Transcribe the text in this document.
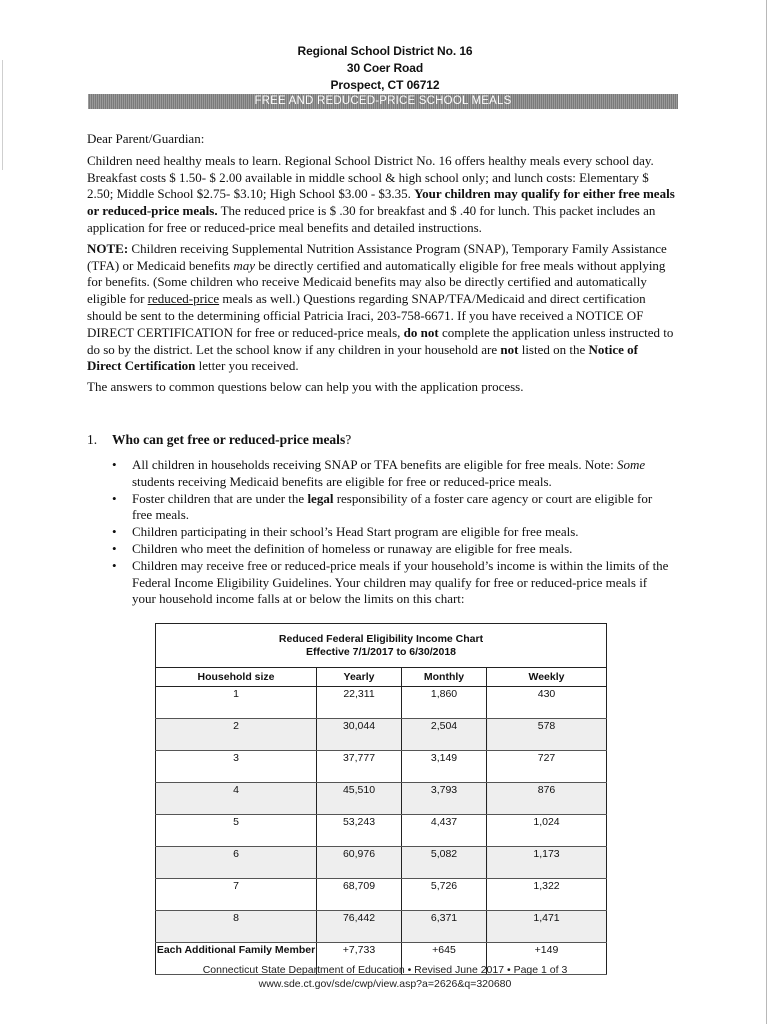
Regional School District No. 16
30 Coer Road
Prospect, CT 06712
FREE AND REDUCED-PRICE SCHOOL MEALS

Dear Parent/Guardian:

Children need healthy meals to learn. Regional School District No. 16 offers healthy meals every school day. Breakfast costs $ 1.50- $ 2.00 available in middle school & high school only; and lunch costs: Elementary $ 2.50; Middle School $2.75- $3.10; High School $3.00 - $3.35. Your children may qualify for either free meals or reduced-price meals. The reduced price is $ .30 for breakfast and $ .40 for lunch. This packet includes an application for free or reduced-price meal benefits and detailed instructions.

NOTE: Children receiving Supplemental Nutrition Assistance Program (SNAP), Temporary Family Assistance (TFA) or Medicaid benefits may be directly certified and automatically eligible for free meals without applying for benefits. (Some children who receive Medicaid benefits may also be directly certified and automatically eligible for reduced-price meals as well.) Questions regarding SNAP/TFA/Medicaid and direct certification should be sent to the determining official Patricia Iraci, 203-758-6671. If you have received a NOTICE OF DIRECT CERTIFICATION for free or reduced-price meals, do not complete the application unless instructed to do so by the district. Let the school know if any children in your household are not listed on the Notice of Direct Certification letter you received.

The answers to common questions below can help you with the application process.

1. Who can get free or reduced-price meals?
• All children in households receiving SNAP or TFA benefits are eligible for free meals. Note: Some students receiving Medicaid benefits are eligible for free or reduced-price meals.
• Foster children that are under the legal responsibility of a foster care agency or court are eligible for free meals.
• Children participating in their school’s Head Start program are eligible for free meals.
• Children who meet the definition of homeless or runaway are eligible for free meals.
• Children may receive free or reduced-price meals if your household’s income is within the limits of the Federal Income Eligibility Guidelines. Your children may qualify for free or reduced-price meals if your household income falls at or below the limits on this chart:
Reduced Federal Eligibility Income Chart
Effective 7/1/2017 to 6/30/2018			

Household size	Yearly	Monthly	Weekly
1	22,311	1,860	430
2	30,044	2,504	578
3	37,777	3,149	727
4	45,510	3,793	876
5	53,243	4,437	1,024
6	60,976	5,082	1,173
7	68,709	5,726	1,322
8	76,442	6,371	1,471
Each Additional Family Member	+7,733	+645	+149
Connecticut State Department of Education • Revised June 2017 • Page 1 of 3
www.sde.ct.gov/sde/cwp/view.asp?a=2626&q=320680
